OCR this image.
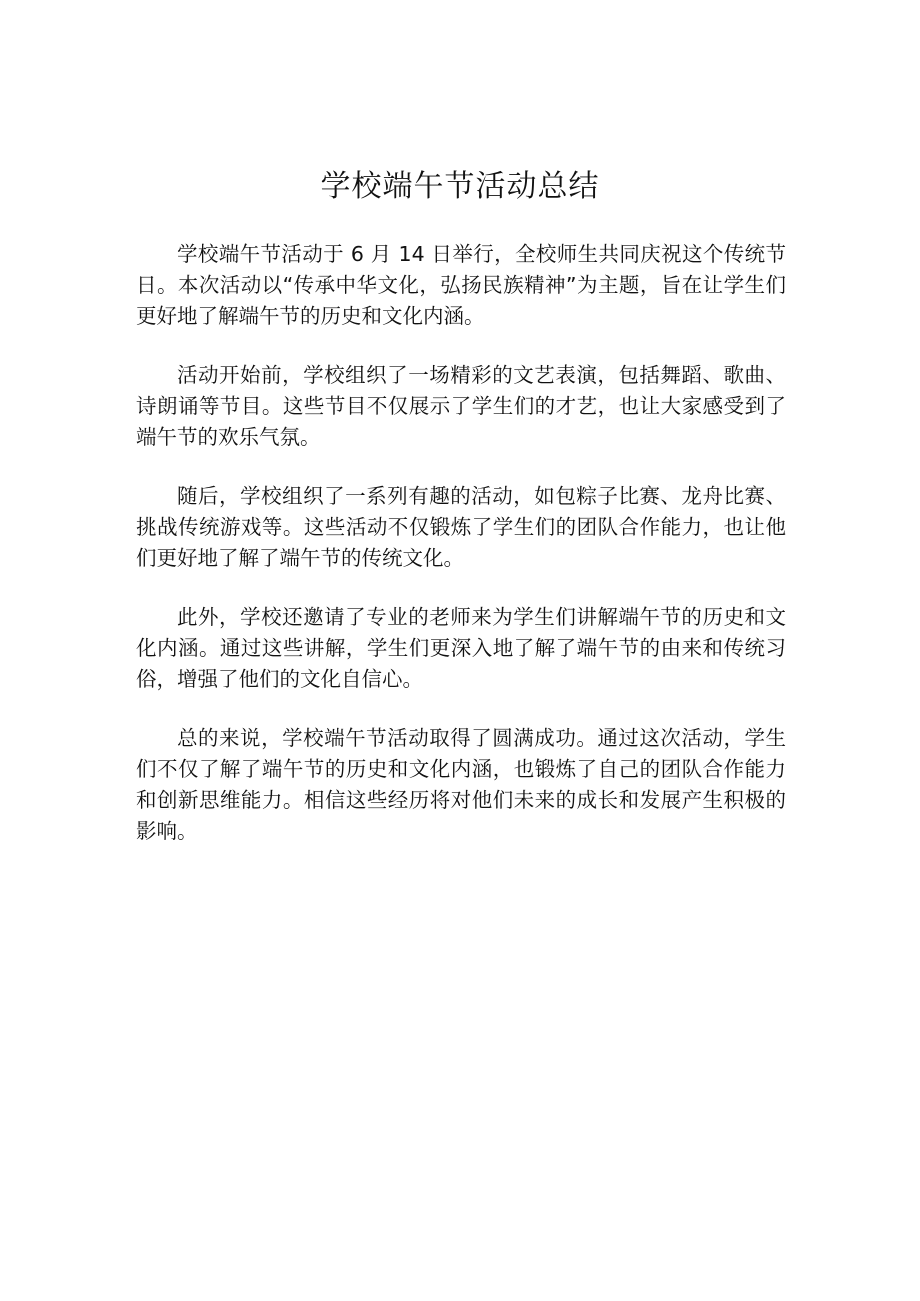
学校端午节活动总结

学校端午节活动于 6 月 14 日举行，全校师生共同庆祝这个传统节日。本次活动以“传承中华文化，弘扬民族精神”为主题，旨在让学生们更好地了解端午节的历史和文化内涵。

活动开始前，学校组织了一场精彩的文艺表演，包括舞蹈、歌曲、诗朗诵等节目。这些节目不仅展示了学生们的才艺，也让大家感受到了端午节的欢乐气氛。

随后，学校组织了一系列有趣的活动，如包粽子比赛、龙舟比赛、挑战传统游戏等。这些活动不仅锻炼了学生们的团队合作能力，也让他们更好地了解了端午节的传统文化。

此外，学校还邀请了专业的老师来为学生们讲解端午节的历史和文化内涵。通过这些讲解，学生们更深入地了解了端午节的由来和传统习俗，增强了他们的文化自信心。

总的来说，学校端午节活动取得了圆满成功。通过这次活动，学生们不仅了解了端午节的历史和文化内涵，也锻炼了自己的团队合作能力和创新思维能力。相信这些经历将对他们未来的成长和发展产生积极的影响。
